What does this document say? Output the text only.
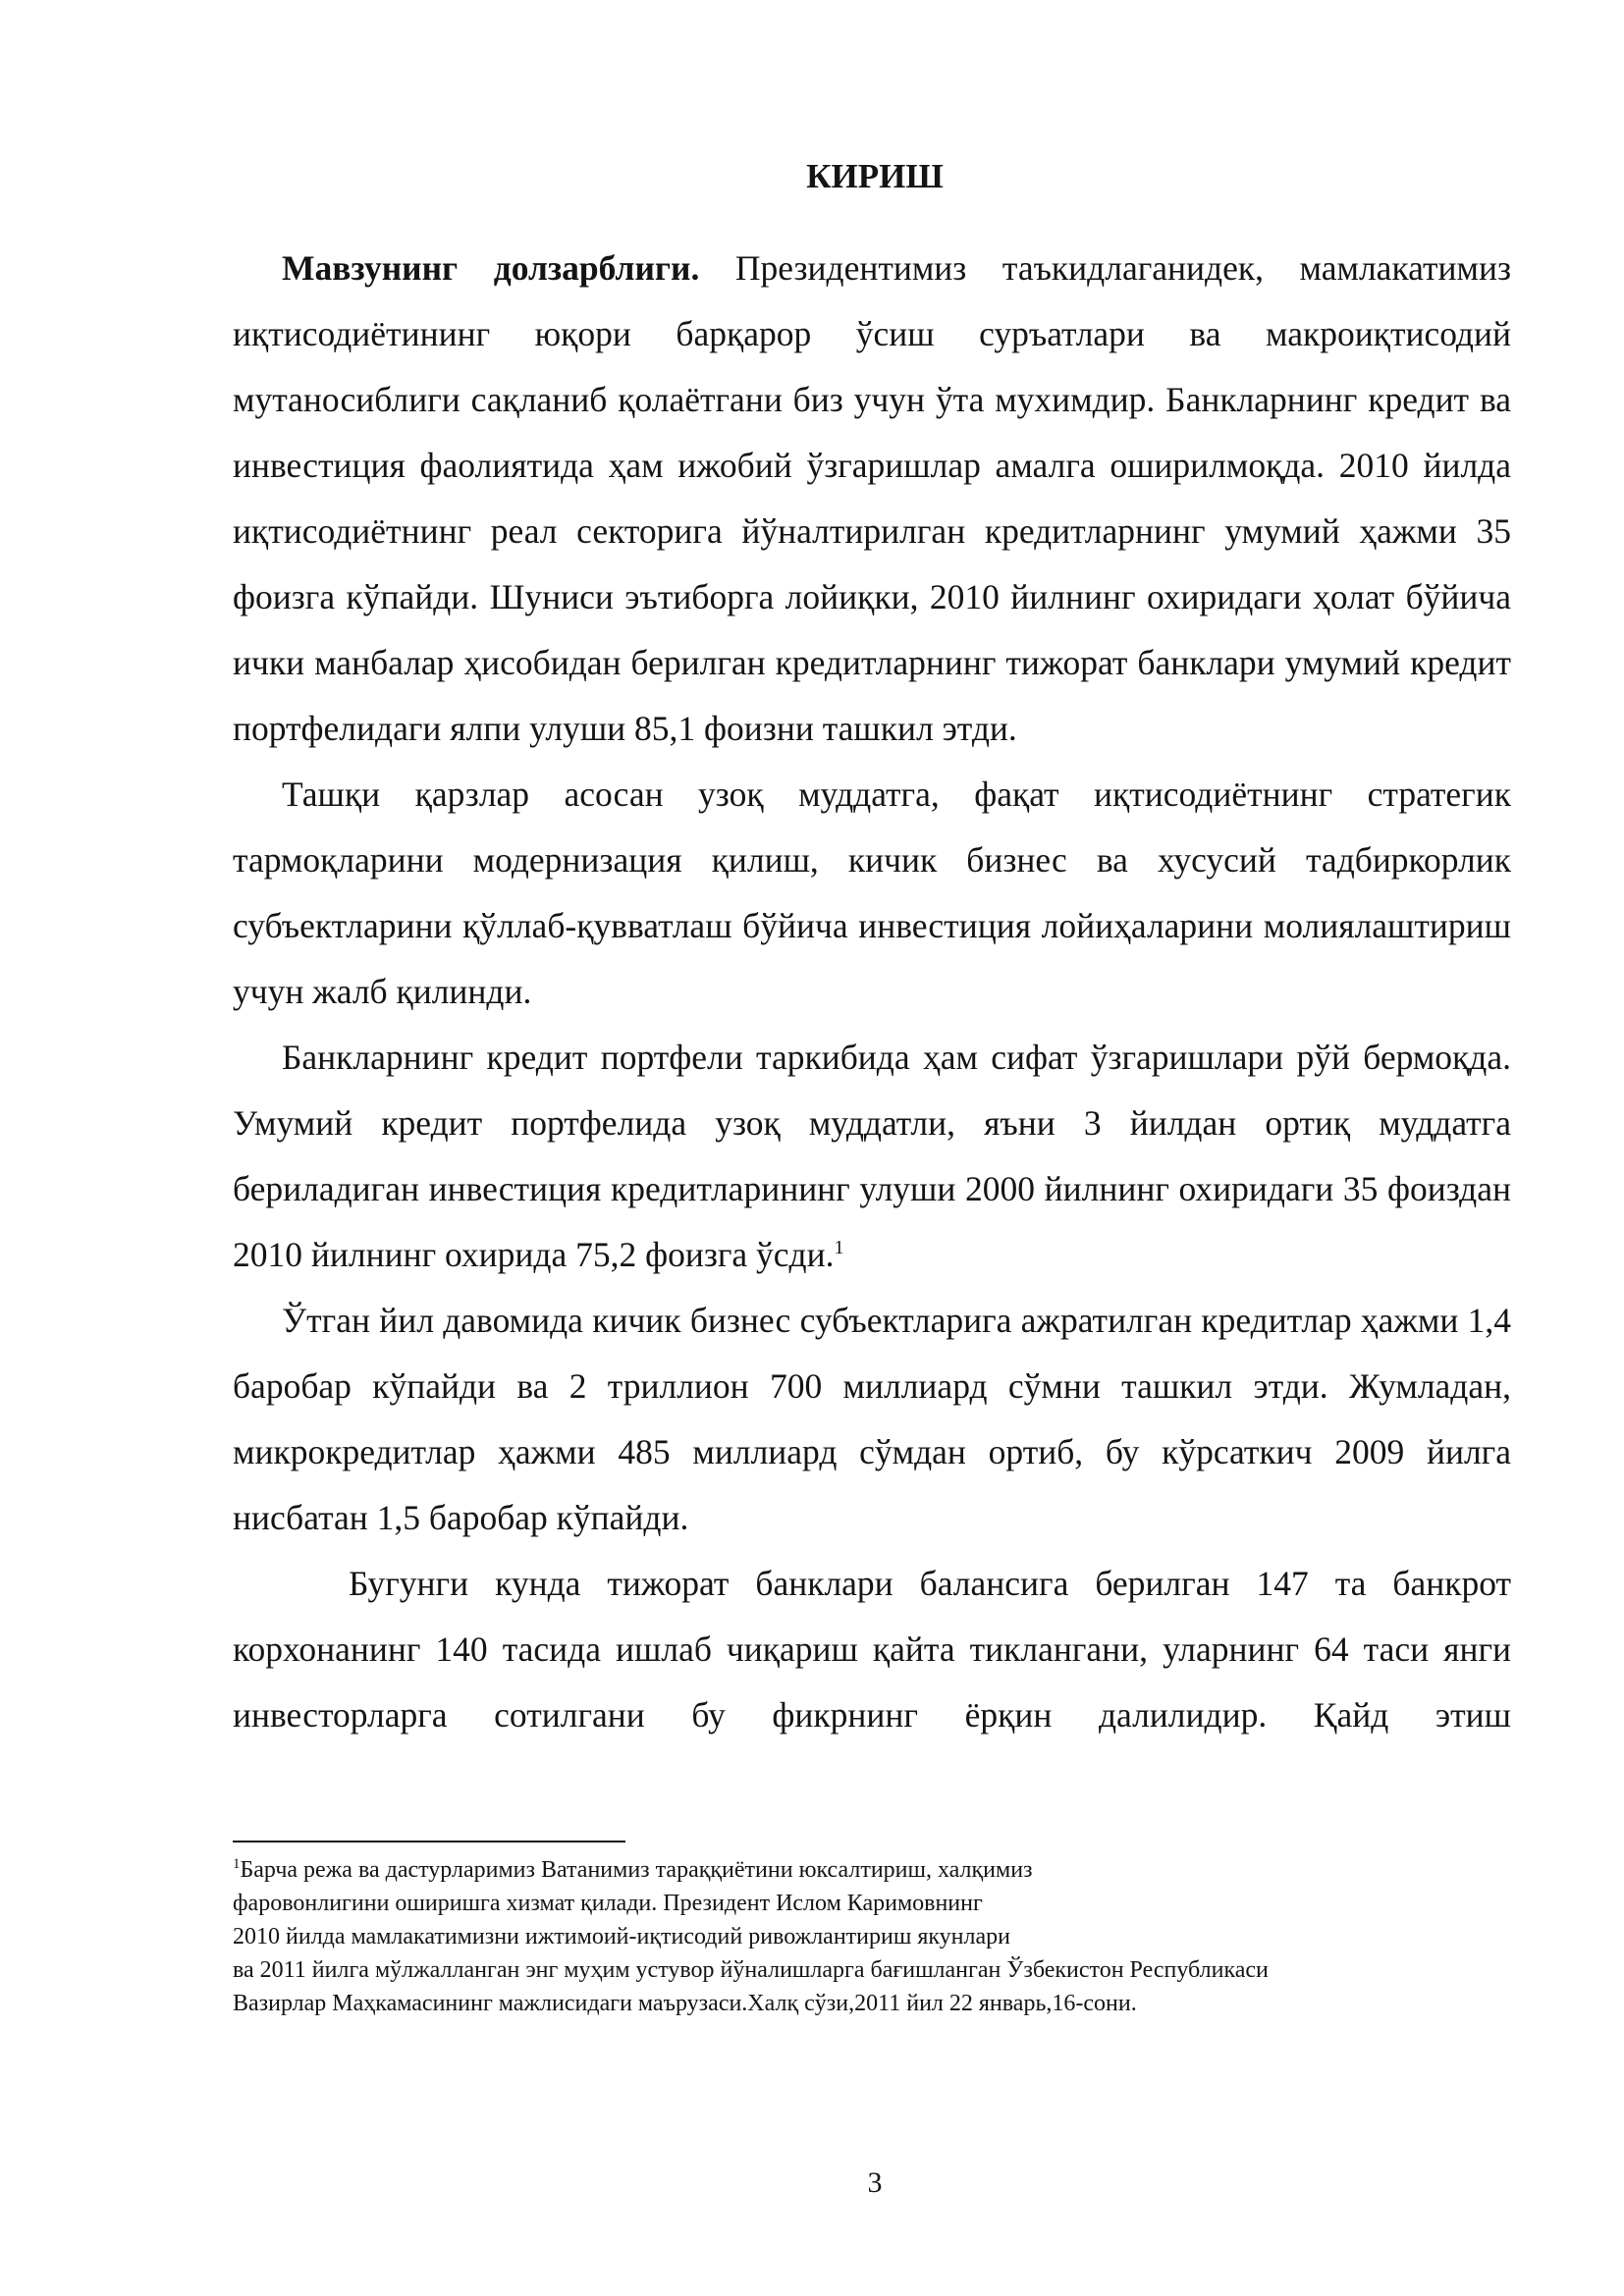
КИРИШ

Мавзунинг долзарблиги. Президентимиз таъкидлаганидек, мамлакатимиз иқтисодиётининг юқори барқарор ўсиш суръатлари ва макроиқтисодий мутаносиблиги сақланиб қолаётгани биз учун ўта мухимдир. Банкларнинг кредит ва инвестиция фаолиятида ҳам ижобий ўзгаришлар амалга оширилмоқда. 2010 йилда иқтисодиётнинг реал секторига йўналтирилган кредитларнинг умумий ҳажми 35 фоизга кўпайди. Шуниси эътиборга лойиқки, 2010 йилнинг охиридаги ҳолат бўйича ички манбалар ҳисобидан берилган кредитларнинг тижорат банклари умумий кредит портфелидаги ялпи улуши 85,1 фоизни ташкил этди.

Ташқи қарзлар асосан узоқ муддатга, фақат иқтисодиётнинг стратегик тармоқларини модернизация қилиш, кичик бизнес ва хусусий тадбиркорлик субъектларини қўллаб-қувватлаш бўйича инвестиция лойиҳаларини молиялаштириш учун жалб қилинди.

Банкларнинг кредит портфели таркибида ҳам сифат ўзгаришлари рўй бермоқда. Умумий кредит портфелида узоқ муддатли, яъни 3 йилдан ортиқ муддатга бериладиган инвестиция кредитларининг улуши 2000 йилнинг охиридаги 35 фоиздан 2010 йилнинг охирида 75,2 фоизга ўсди.$^1$

Ўтган йил давомида кичик бизнес субъектларига ажратилган кредитлар ҳажми 1,4 баробар кўпайди ва 2 триллион 700 миллиард сўмни ташкил этди. Жумладан, микрокредитлар ҳажми 485 миллиард сўмдан ортиб, бу кўрсаткич 2009 йилга нисбатан 1,5 баробар кўпайди.

Бугунги кунда тижорат банклари балансига берилган 147 та банкрот корхонанинг 140 тасида ишлаб чиқариш қайта тиклангани, уларнинг 64 таси янги инвесторларга сотилгани бу фикрнинг ёрқин далилидир. Қайд этиш

$^1$Барча режа ва дастурларимиз Ватанимиз тараққиётини юксалтириш, халқимиз
фаровонлигини оширишга хизмат қилади. Президент Ислом Каримовнинг
2010 йилда мамлакатимизни ижтимоий-иқтисодий ривожлантириш якунлари
ва 2011 йилга мўлжалланган энг муҳим устувор йўналишларга бағишланган Ўзбекистон Республикаси
Вазирлар Маҳкамасининг мажлисидаги маърузаси.Халқ сўзи,2011 йил 22 январь,16-сони.
3
